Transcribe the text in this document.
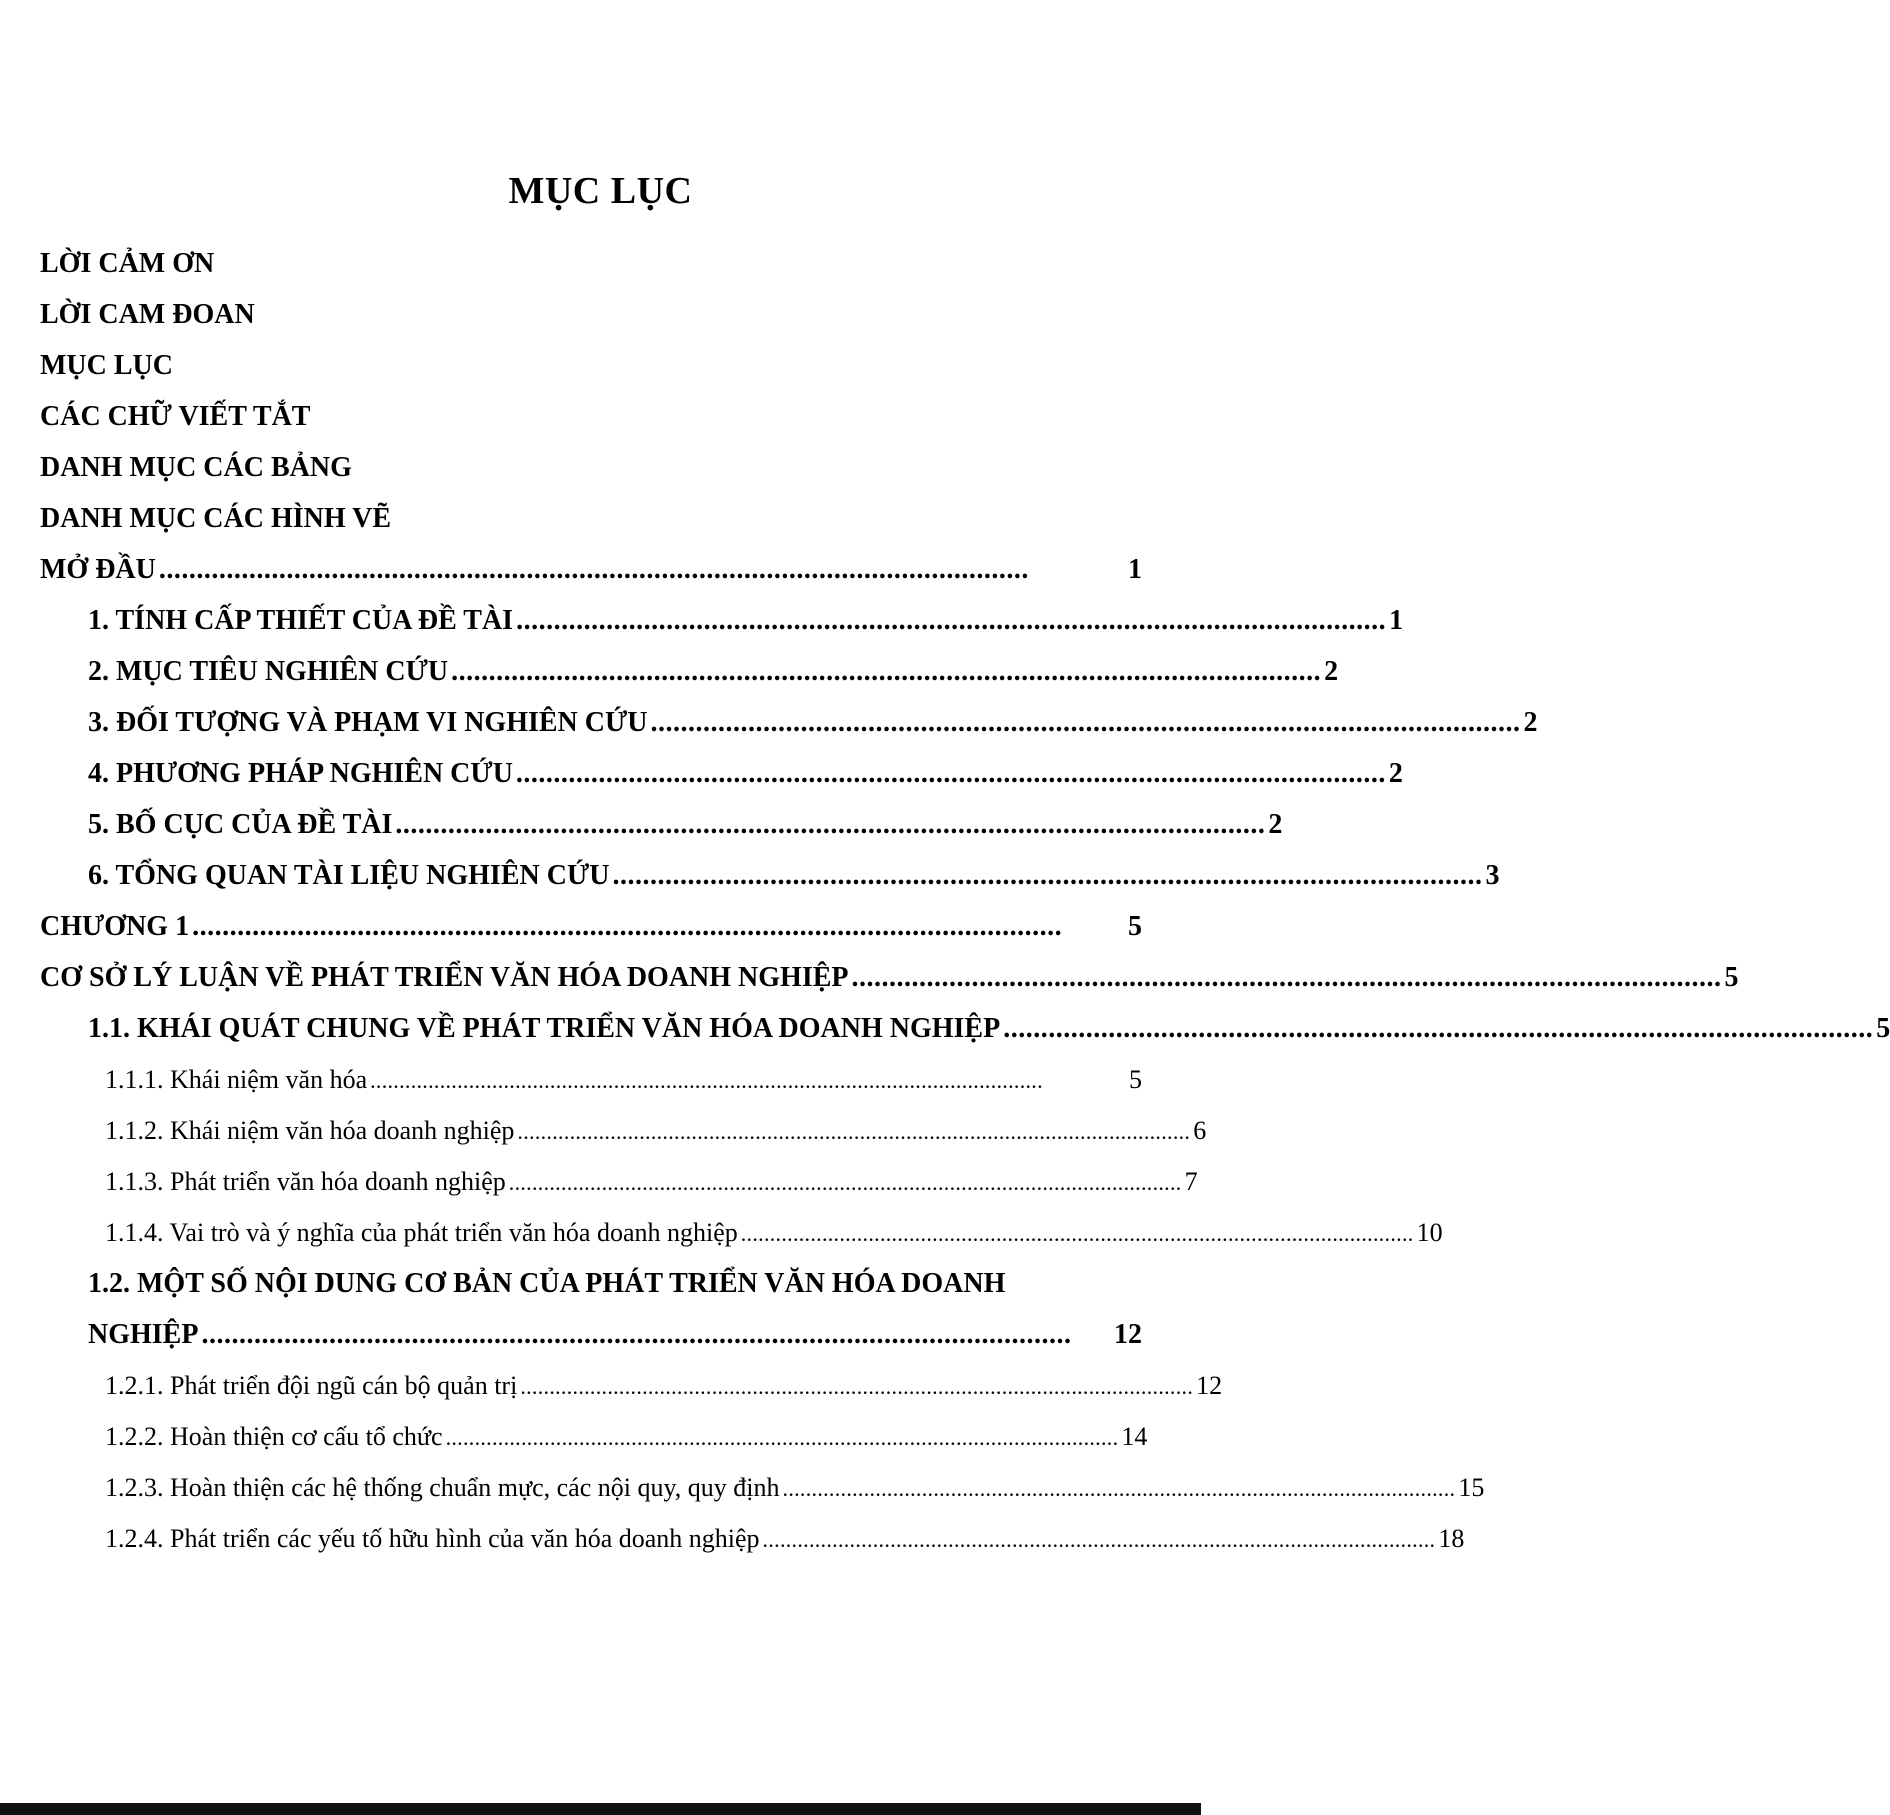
MỤC LỤC
LỜI CẢM ƠN
LỜI CAM ĐOAN
MỤC LỤC
CÁC CHỮ VIẾT TẮT
DANH MỤC CÁC BẢNG
DANH MỤC CÁC HÌNH VẼ
MỞ ĐẦU ....................................................................................................................	1
1. TÍNH CẤP THIẾT CỦA ĐỀ TÀI .................................................................................................................... 1
2. MỤC TIÊU NGHIÊN CỨU .................................................................................................................... 2
3. ĐỐI TƯỢNG VÀ PHẠM VI NGHIÊN CỨU .................................................................................................................... 2
4. PHƯƠNG PHÁP NGHIÊN CỨU .................................................................................................................... 2
5. BỐ CỤC CỦA ĐỀ TÀI .................................................................................................................... 2
6. TỔNG QUAN TÀI LIỆU NGHIÊN CỨU .................................................................................................................... 3
CHƯƠNG 1 ....................................................................................................................	5
CƠ SỞ LÝ LUẬN VỀ PHÁT TRIỂN VĂN HÓA DOANH NGHIỆP .................................................................................................................... 5
1.1. KHÁI QUÁT CHUNG VỀ PHÁT TRIỂN VĂN HÓA DOANH NGHIỆP .................................................................................................................... 5
1.1.1. Khái niệm văn hóa ....................................................................................................................	5
1.1.2. Khái niệm văn hóa doanh nghiệp .................................................................................................................... 6
1.1.3. Phát triển văn hóa doanh nghiệp .................................................................................................................... 7
1.1.4. Vai trò và ý nghĩa của phát triển văn hóa doanh nghiệp .................................................................................................................... 10
1.2. MỘT SỐ NỘI DUNG CƠ BẢN CỦA PHÁT TRIỂN VĂN HÓA DOANH
NGHIỆP ....................................................................................................................	12
1.2.1. Phát triển đội ngũ cán bộ quản trị .................................................................................................................... 12
1.2.2. Hoàn thiện cơ cấu tổ chức .................................................................................................................... 14
1.2.3. Hoàn thiện các hệ thống chuẩn mực, các nội quy, quy định .................................................................................................................... 15
1.2.4. Phát triển các yếu tố hữu hình của văn hóa doanh nghiệp .................................................................................................................... 18
